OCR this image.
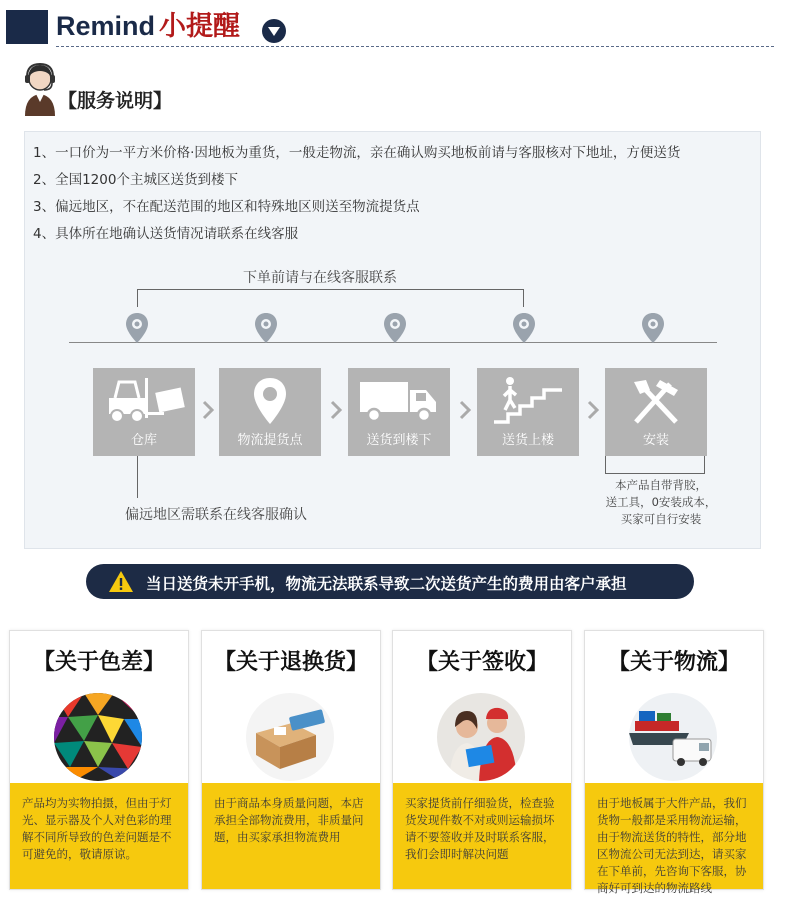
Remind 小提醒
【服务说明】
1、一口价为一平方米价格·因地板为重货，一般走物流，亲在确认购买地板前请与客服核对下地址，方便送货
2、全国1200个主城区送货到楼下
3、偏远地区，不在配送范围的地区和特殊地区则送至物流提货点
4、具体所在地确认送货情况请联系在线客服
下单前请与在线客服联系
仓库	物流提货点	送货到楼下	送货上楼	安装
偏远地区需联系在线客服确认
本产品自带背胶，
送工具，0安装成本，
买家可自行安装
当日送货未开手机，物流无法联系导致二次送货产生的费用由客户承担
【关于色差】
产品均为实物拍摄，但由于灯光、显示器及个人对色彩的理解不同所导致的色差问题是不可避免的，敬请原谅。
【关于退换货】
由于商品本身质量问题，本店承担全部物流费用，非质量问题，由买家承担物流费用
【关于签收】
买家提货前仔细验货，检查验货发现件数不对或则运输损坏请不要签收并及时联系客服，我们会即时解决问题
【关于物流】
由于地板属于大件产品，我们货物一般都是采用物流运输，由于物流送货的特性，部分地区物流公司无法到达，请买家在下单前，先咨询下客服，协商好可到达的物流路线
